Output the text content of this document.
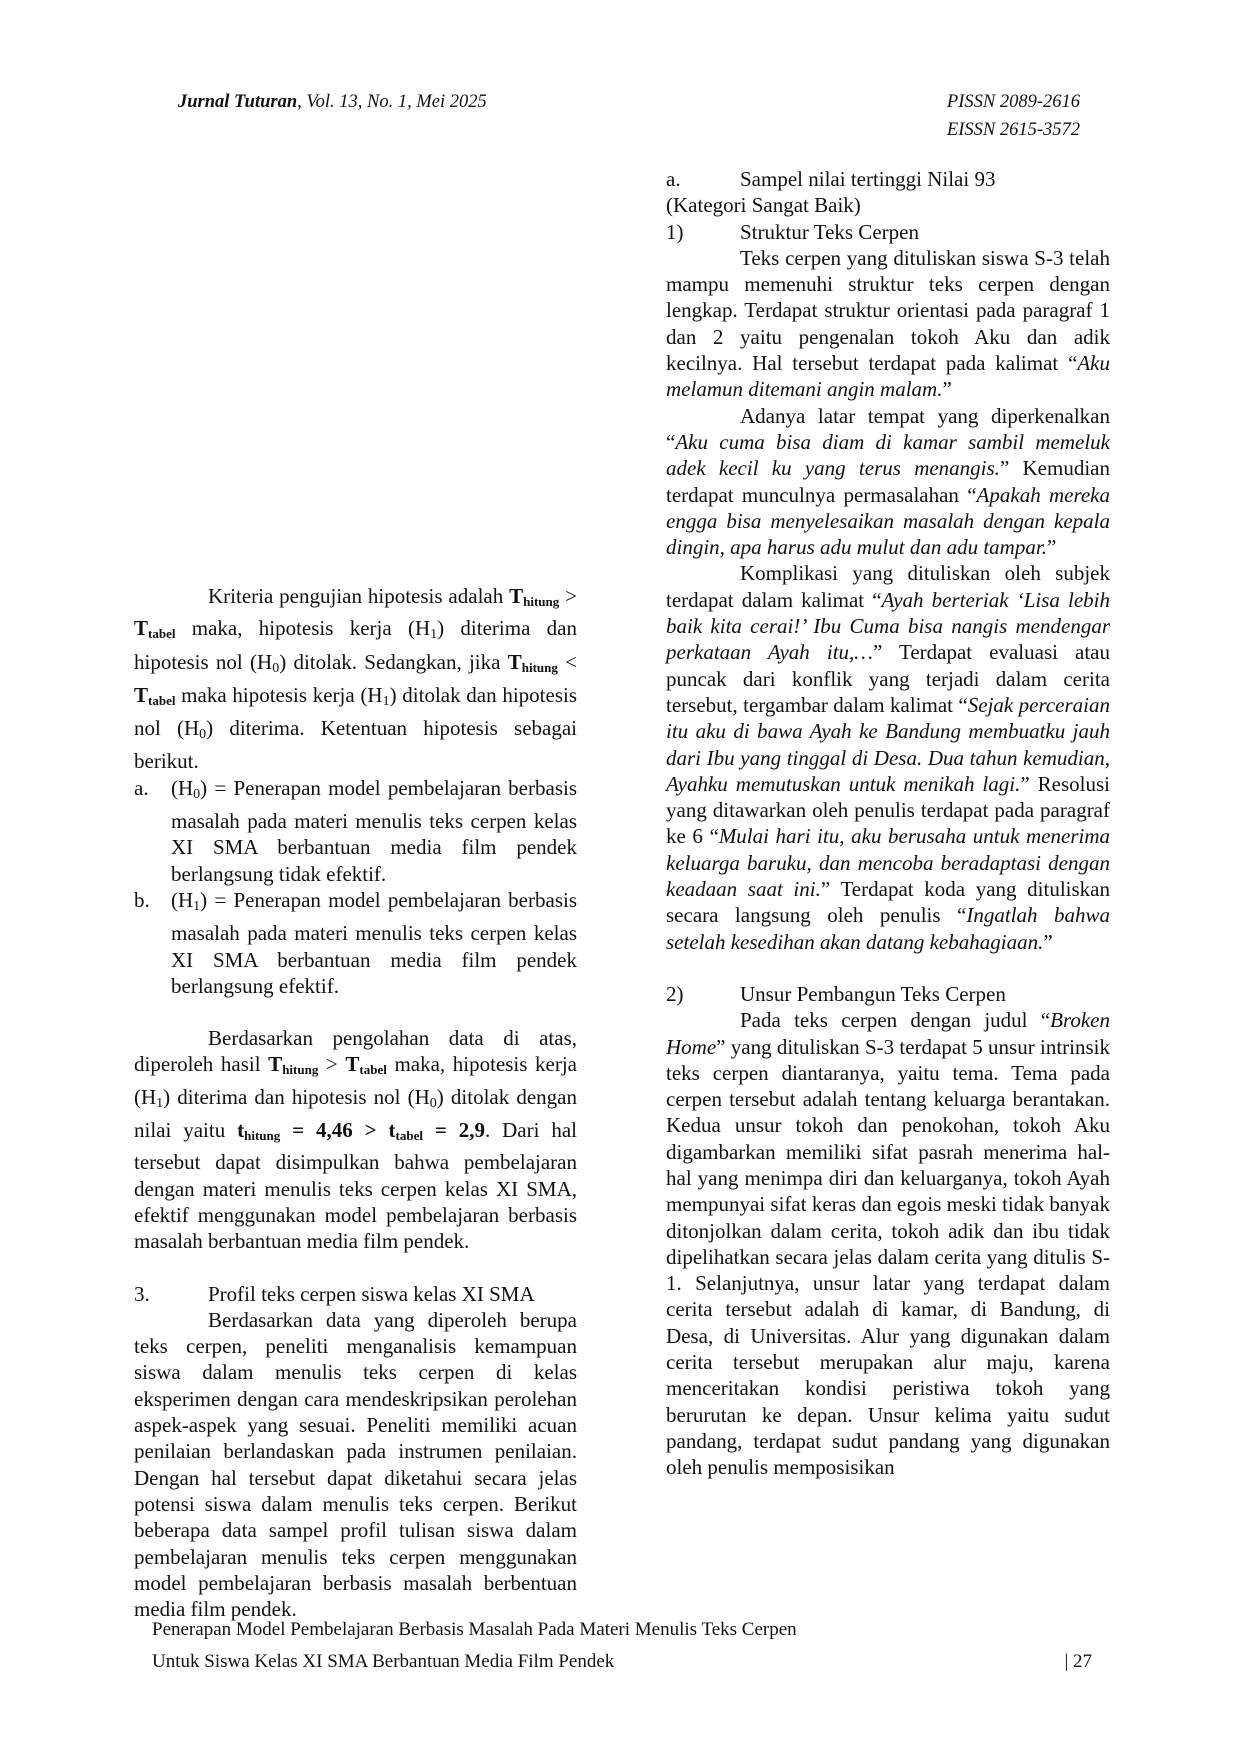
Jurnal Tuturan, Vol. 13, No. 1, Mei 2025	PISSN 2089-2616
EISSN 2615-3572

Kriteria pengujian hipotesis adalah $T_{hitung} > T_{tabel}$ maka, hipotesis kerja (H1) diterima dan hipotesis nol (H0) ditolak. Sedangkan, jika $T_{hitung} < T_{tabel}$ maka hipotesis kerja (H1) ditolak dan hipotesis nol (H0) diterima. Ketentuan hipotesis sebagai berikut.

a.	(H0) = Penerapan model pembelajaran berbasis masalah pada materi menulis teks cerpen kelas XI SMA berbantuan media film pendek berlangsung tidak efektif.
b.	(H1) = Penerapan model pembelajaran berbasis masalah pada materi menulis teks cerpen kelas XI SMA berbantuan media film pendek berlangsung efektif.

Berdasarkan pengolahan data di atas, diperoleh hasil $T_{hitung} > T_{tabel}$ maka, hipotesis kerja (H1) diterima dan hipotesis nol (H0) ditolak dengan nilai yaitu $t_{hitung} = 4,46 > t_{tabel} = 2,9$. Dari hal tersebut dapat disimpulkan bahwa pembelajaran dengan materi menulis teks cerpen kelas XI SMA, efektif menggunakan model pembelajaran berbasis masalah berbantuan media film pendek.

3.	Profil teks cerpen siswa kelas XI SMA

Berdasarkan data yang diperoleh berupa teks cerpen, peneliti menganalisis kemampuan siswa dalam menulis teks cerpen di kelas eksperimen dengan cara mendeskripsikan perolehan aspek-aspek yang sesuai. Peneliti memiliki acuan penilaian berlandaskan pada instrumen penilaian. Dengan hal tersebut dapat diketahui secara jelas potensi siswa dalam menulis teks cerpen. Berikut beberapa data sampel profil tulisan siswa dalam pembelajaran menulis teks cerpen menggunakan model pembelajaran berbasis masalah berbentuan media film pendek.

a.	Sampel nilai tertinggi Nilai 93

(Kategori Sangat Baik)

1)	Struktur Teks Cerpen

Teks cerpen yang dituliskan siswa S-3 telah mampu memenuhi struktur teks cerpen dengan lengkap. Terdapat struktur orientasi pada paragraf 1 dan 2 yaitu pengenalan tokoh Aku dan adik kecilnya. Hal tersebut terdapat pada kalimat “Aku melamun ditemani angin malam.”

Adanya latar tempat yang diperkenalkan “Aku cuma bisa diam di kamar sambil memeluk adek kecil ku yang terus menangis.” Kemudian terdapat munculnya permasalahan “Apakah mereka engga bisa menyelesaikan masalah dengan kepala dingin, apa harus adu mulut dan adu tampar.”

Komplikasi yang dituliskan oleh subjek terdapat dalam kalimat “Ayah berteriak ‘Lisa lebih baik kita cerai!’ Ibu Cuma bisa nangis mendengar perkataan Ayah itu,…” Terdapat evaluasi atau puncak dari konflik yang terjadi dalam cerita tersebut, tergambar dalam kalimat “Sejak perceraian itu aku di bawa Ayah ke Bandung membuatku jauh dari Ibu yang tinggal di Desa. Dua tahun kemudian, Ayahku memutuskan untuk menikah lagi.” Resolusi yang ditawarkan oleh penulis terdapat pada paragraf ke 6 “Mulai hari itu, aku berusaha untuk menerima keluarga baruku, dan mencoba beradaptasi dengan keadaan saat ini.” Terdapat koda yang dituliskan secara langsung oleh penulis “Ingatlah bahwa setelah kesedihan akan datang kebahagiaan.”

2)	Unsur Pembangun Teks Cerpen

Pada teks cerpen dengan judul “Broken Home” yang dituliskan S-3 terdapat 5 unsur intrinsik teks cerpen diantaranya, yaitu tema. Tema pada cerpen tersebut adalah tentang keluarga berantakan. Kedua unsur tokoh dan penokohan, tokoh Aku digambarkan memiliki sifat pasrah menerima hal-hal yang menimpa diri dan keluarganya, tokoh Ayah mempunyai sifat keras dan egois meski tidak banyak ditonjolkan dalam cerita, tokoh adik dan ibu tidak dipelihatkan secara jelas dalam cerita yang ditulis S-1. Selanjutnya, unsur latar yang terdapat dalam cerita tersebut adalah di kamar, di Bandung, di Desa, di Universitas. Alur yang digunakan dalam cerita tersebut merupakan alur maju, karena menceritakan kondisi peristiwa tokoh yang berurutan ke depan. Unsur kelima yaitu sudut pandang, terdapat sudut pandang yang digunakan oleh penulis memposisikan

Penerapan Model Pembelajaran Berbasis Masalah Pada Materi Menulis Teks Cerpen
Untuk Siswa Kelas XI SMA Berbantuan Media Film Pendek	| 27
